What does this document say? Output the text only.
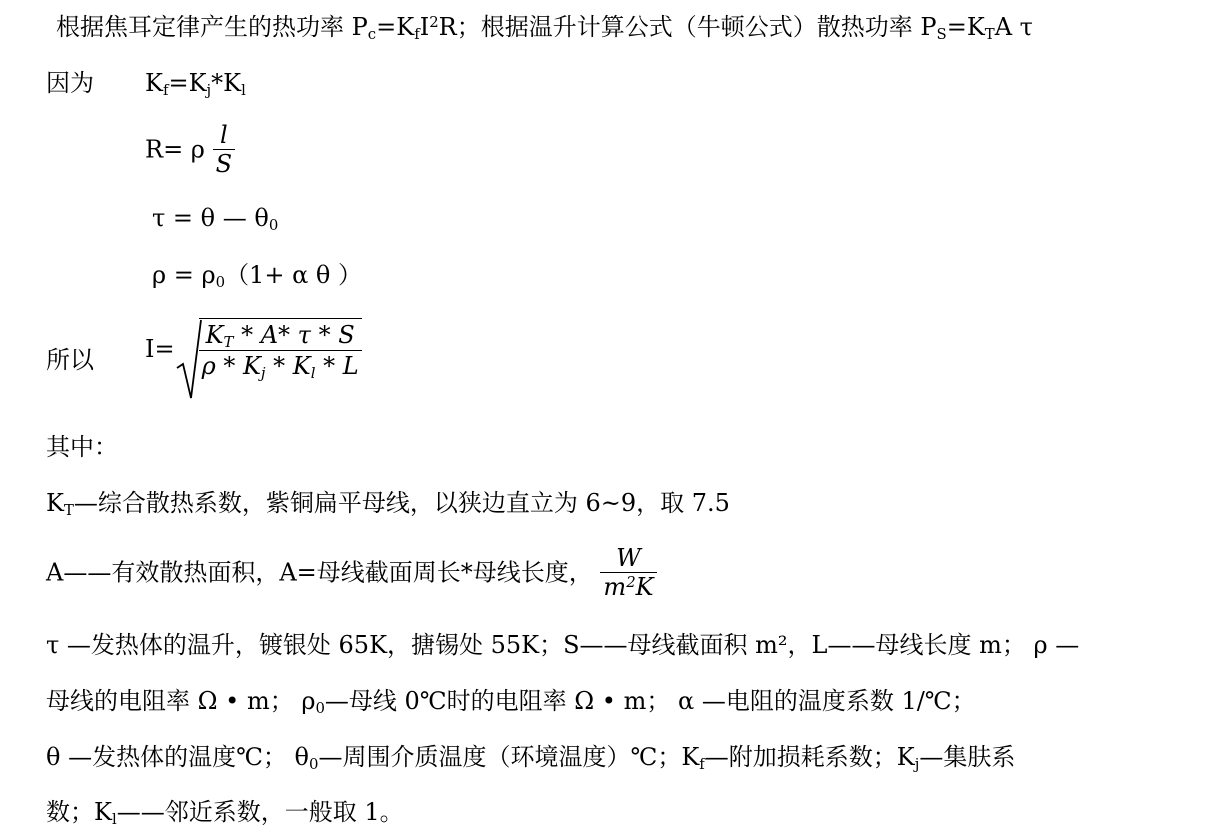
根据焦耳定律产生的热功率 $P_c=K_fI^2R$；根据温升计算公式（牛顿公式）散热功率 $P_S=K_TA$ τ
因为 $K_f=K_j*K_l$
R= ρ $\frac{l}{S}$
τ = θ — $\theta_0$
$\rho = \rho_0(1+ \alpha$ θ ）
所以 $I= \frac{K_T * A* \tau * S}{\rho * K_j * K_l * L}$
其中：
$K_T—$综合散热系数，紫铜扁平母线，以狭边直立为 6~9，取 7.5
A——有效散热面积，A=母线截面周长*母线长度， $\frac{W}{m^2K}$
τ —发热体的温升，镀银处 65K，搪锡处 55K；S——母线截面积 m²，L——母线长度 m； ρ —
母线的电阻率 Ω • m； $\rho_0—$母线 0℃时的电阻率 Ω • m； α —电阻的温度系数 1/℃；
θ —发热体的温度℃； $\theta_0—$周围介质温度（环境温度）℃；$K_f—$附加损耗系数；$K_j—$集肤系
数；$K_l——$邻近系数，一般取 1。
